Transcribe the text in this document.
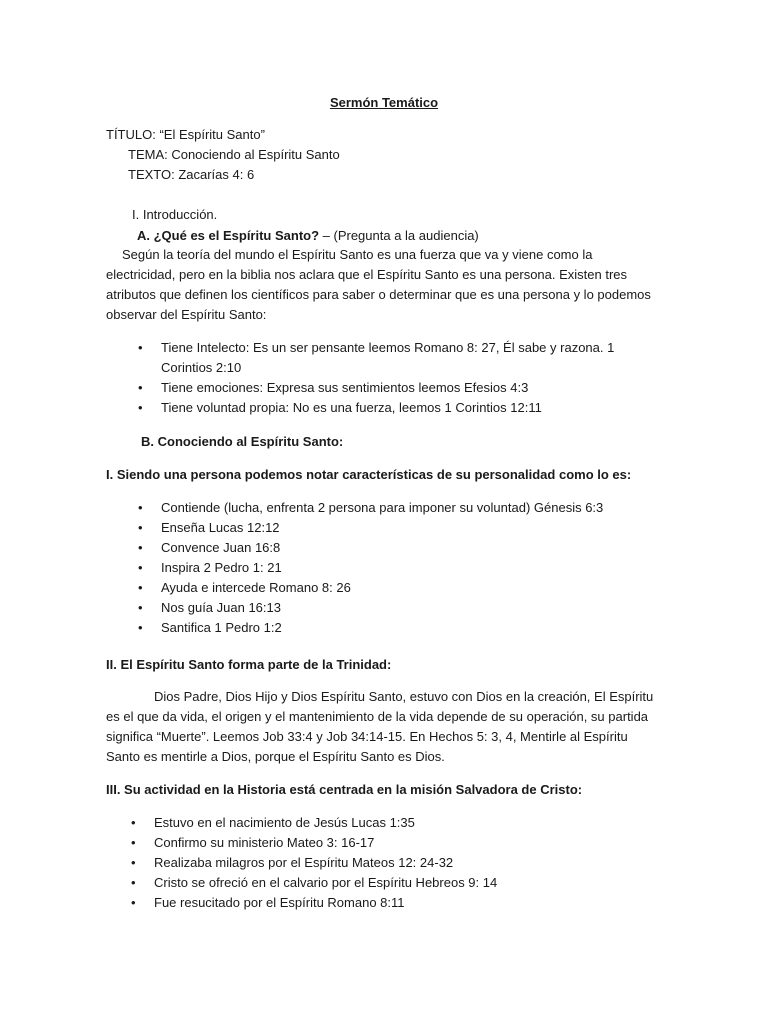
Sermón Temático
TÍTULO: “El Espíritu Santo”
TEMA: Conociendo al Espíritu Santo
TEXTO: Zacarías 4: 6
I. Introducción.
A. ¿Qué es el Espíritu Santo? – (Pregunta a la audiencia)
Según la teoría del mundo el Espíritu Santo es una fuerza que va y viene como la electricidad, pero en la biblia nos aclara que el Espíritu Santo es una persona. Existen tres atributos que definen los científicos para saber o determinar que es una persona y lo podemos observar del Espíritu Santo:
• Tiene Intelecto: Es un ser pensante leemos Romano 8: 27, Él sabe y razona. 1 Corintios 2:10
• Tiene emociones: Expresa sus sentimientos leemos Efesios 4:3
• Tiene voluntad propia: No es una fuerza, leemos 1 Corintios 12:11
B. Conociendo al Espíritu Santo:
I. Siendo una persona podemos notar características de su personalidad como lo es:
• Contiende (lucha, enfrenta 2 persona para imponer su voluntad) Génesis 6:3
• Enseña Lucas 12:12
• Convence Juan 16:8
• Inspira 2 Pedro 1: 21
• Ayuda e intercede Romano 8: 26
• Nos guía Juan 16:13
• Santifica 1 Pedro 1:2
II. El Espíritu Santo forma parte de la Trinidad:
Dios Padre, Dios Hijo y Dios Espíritu Santo, estuvo con Dios en la creación, El Espíritu es el que da vida, el origen y el mantenimiento de la vida depende de su operación, su partida significa “Muerte”. Leemos Job 33:4 y Job 34:14-15. En Hechos 5: 3, 4, Mentirle al Espíritu Santo es mentirle a Dios, porque el Espíritu Santo es Dios.
III. Su actividad en la Historia está centrada en la misión Salvadora de Cristo:
• Estuvo en el nacimiento de Jesús Lucas 1:35
• Confirmo su ministerio Mateo 3: 16-17
• Realizaba milagros por el Espíritu Mateos 12: 24-32
• Cristo se ofreció en el calvario por el Espíritu Hebreos 9: 14
• Fue resucitado por el Espíritu Romano 8:11
